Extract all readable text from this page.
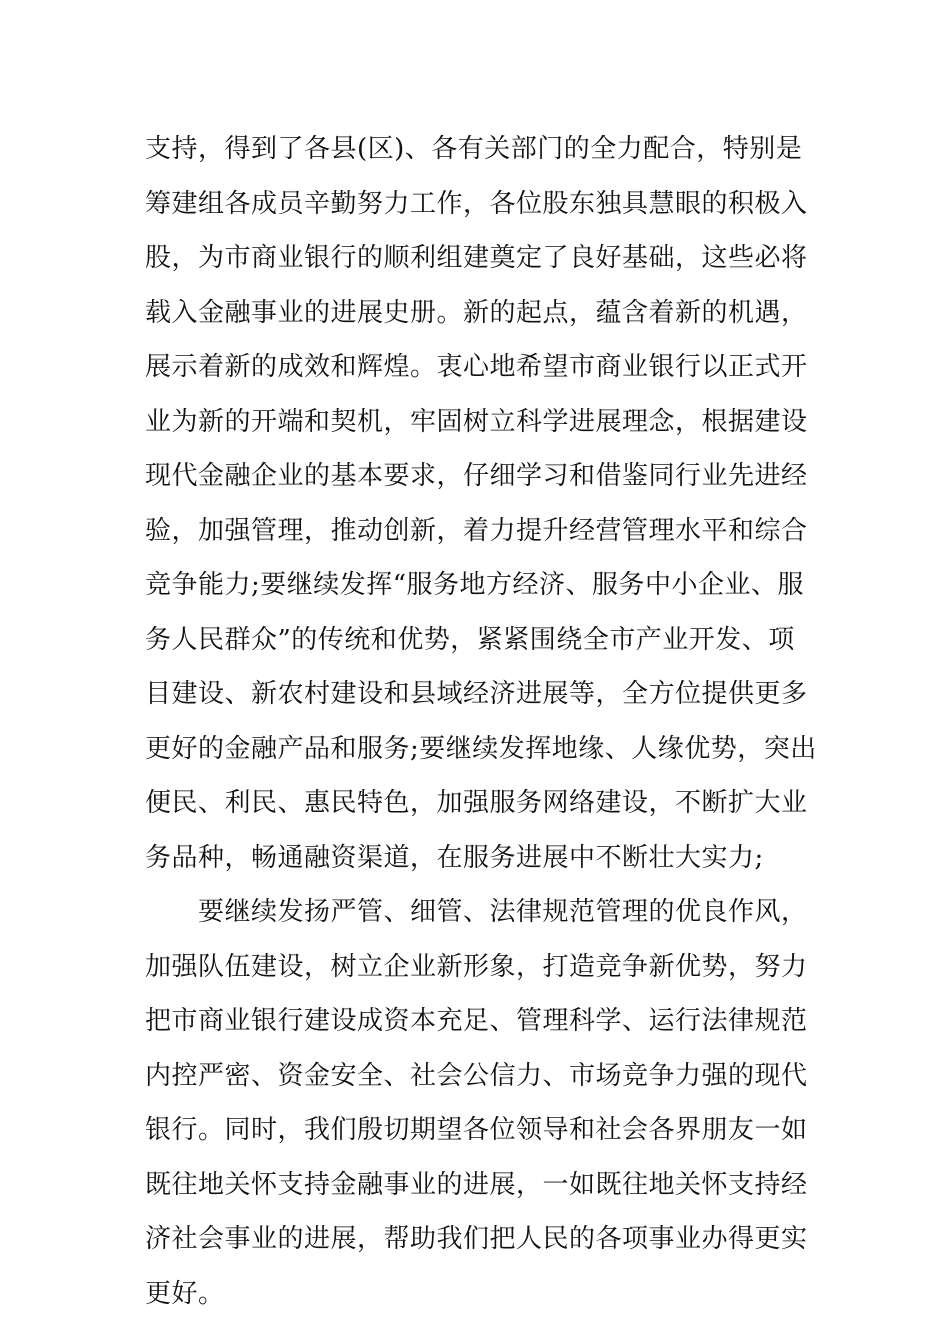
支持，得到了各县(区)、各有关部门的全力配合，特别是
筹建组各成员辛勤努力工作，各位股东独具慧眼的积极入
股，为市商业银行的顺利组建奠定了良好基础，这些必将
载入金融事业的进展史册。新的起点，蕴含着新的机遇，
展示着新的成效和辉煌。衷心地希望市商业银行以正式开
业为新的开端和契机，牢固树立科学进展理念，根据建设
现代金融企业的基本要求，仔细学习和借鉴同行业先进经
验，加强管理，推动创新，着力提升经营管理水平和综合
竞争能力;要继续发挥“服务地方经济、服务中小企业、服
务人民群众”的传统和优势，紧紧围绕全市产业开发、项
目建设、新农村建设和县域经济进展等，全方位提供更多
更好的金融产品和服务;要继续发挥地缘、人缘优势，突出
便民、利民、惠民特色，加强服务网络建设，不断扩大业
务品种，畅通融资渠道，在服务进展中不断壮大实力;
要继续发扬严管、细管、法律规范管理的优良作风，
加强队伍建设，树立企业新形象，打造竞争新优势，努力
把市商业银行建设成资本充足、管理科学、运行法律规范
内控严密、资金安全、社会公信力、市场竞争力强的现代
银行。同时，我们殷切期望各位领导和社会各界朋友一如
既往地关怀支持金融事业的进展，一如既往地关怀支持经
济社会事业的进展，帮助我们把人民的各项事业办得更实
更好。
